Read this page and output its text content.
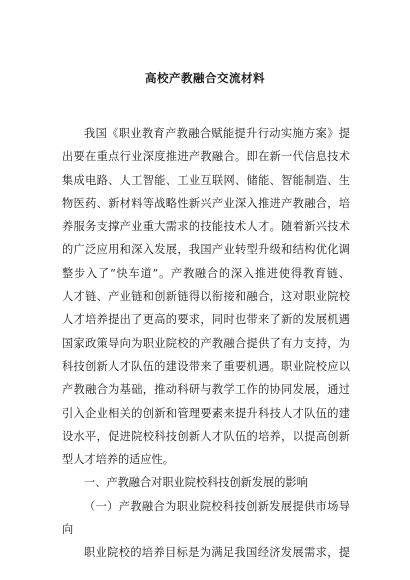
高校产教融合交流材料
我国《职业教育产教融合赋能提升行动实施方案》提
出要在重点行业深度推进产教融合。即在新一代信息技术
集成电路、人工智能、工业互联网、储能、智能制造、生
物医药、新材料等战略性新兴产业深入推进产教融合，培
养服务支撑产业重大需求的技能技术人才。随着新兴技术
的广泛应用和深入发展，我国产业转型升级和结构优化调
整步入了“快车道”。产教融合的深入推进使得教育链、
人才链、产业链和创新链得以衔接和融合，这对职业院校
人才培养提出了更高的要求，同时也带来了新的发展机遇
国家政策导向为职业院校的产教融合提供了有力支持，为
科技创新人才队伍的建设带来了重要机遇。职业院校应以
产教融合为基础，推动科研与教学工作的协同发展，通过
引入企业相关的创新和管理要素来提升科技人才队伍的建
设水平，促进院校科技创新人才队伍的培养，以提高创新
型人才培养的适应性。
一、产教融合对职业院校科技创新发展的影响
（一）产教融合为职业院校科技创新发展提供市场导
向
职业院校的培养目标是为满足我国经济发展需求，提
